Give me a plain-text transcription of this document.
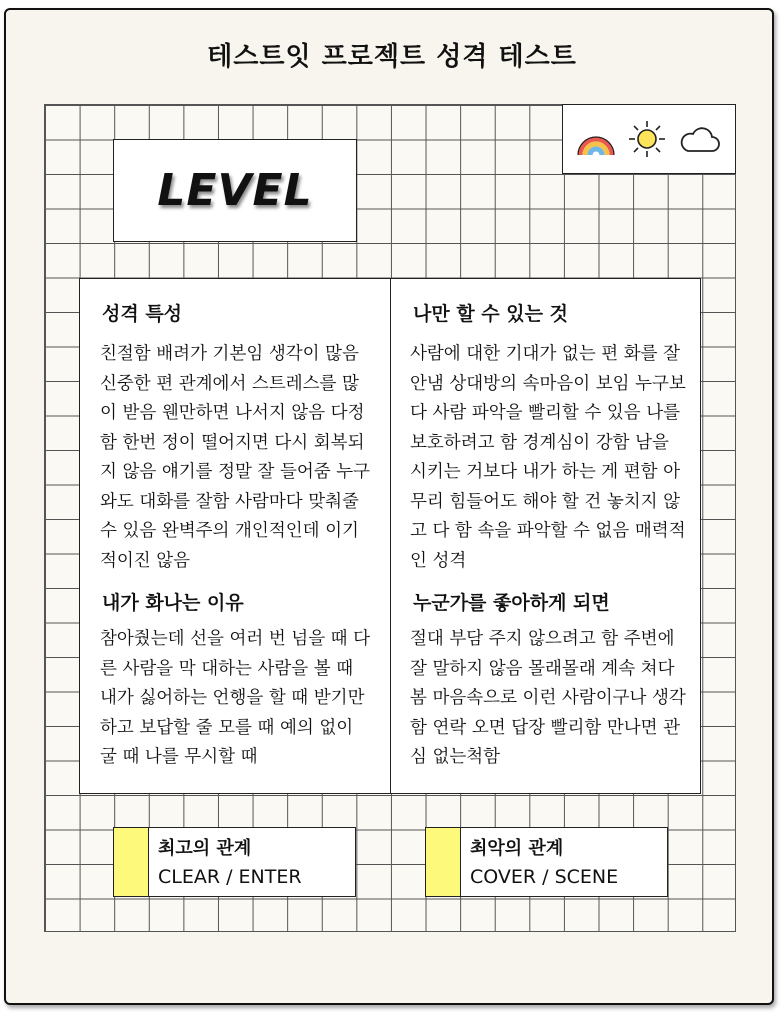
테스트잇 프로젝트 성격 테스트
LEVEL
성격 특성
친절함 배려가 기본임 생각이 많음 신중한 편 관계에서 스트레스를 많이 받음 웬만하면 나서지 않음 다정함 한번 정이 떨어지면 다시 회복되지 않음 얘기를 정말 잘 들어줌 누구와도 대화를 잘함 사람마다 맞춰줄 수 있음 완벽주의 개인적인데 이기적이진 않음
나만 할 수 있는 것
사람에 대한 기대가 없는 편 화를 잘 안냄 상대방의 속마음이 보임 누구보다 사람 파악을 빨리할 수 있음 나를 보호하려고 함 경계심이 강함 남을 시키는 거보다 내가 하는 게 편함 아무리 힘들어도 해야 할 건 놓치지 않고 다 함 속을 파악할 수 없음 매력적인 성격
내가 화나는 이유
참아줬는데 선을 여러 번 넘을 때 다른 사람을 막 대하는 사람을 볼 때 내가 싫어하는 언행을 할 때 받기만 하고 보답할 줄 모를 때 예의 없이 굴 때 나를 무시할 때
누군가를 좋아하게 되면
절대 부담 주지 않으려고 함 주변에 잘 말하지 않음 몰래몰래 계속 쳐다봄 마음속으로 이런 사람이구나 생각함 연락 오면 답장 빨리함 만나면 관심 없는척함
최고의 관계
CLEAR / ENTER
최악의 관계
COVER / SCENE
